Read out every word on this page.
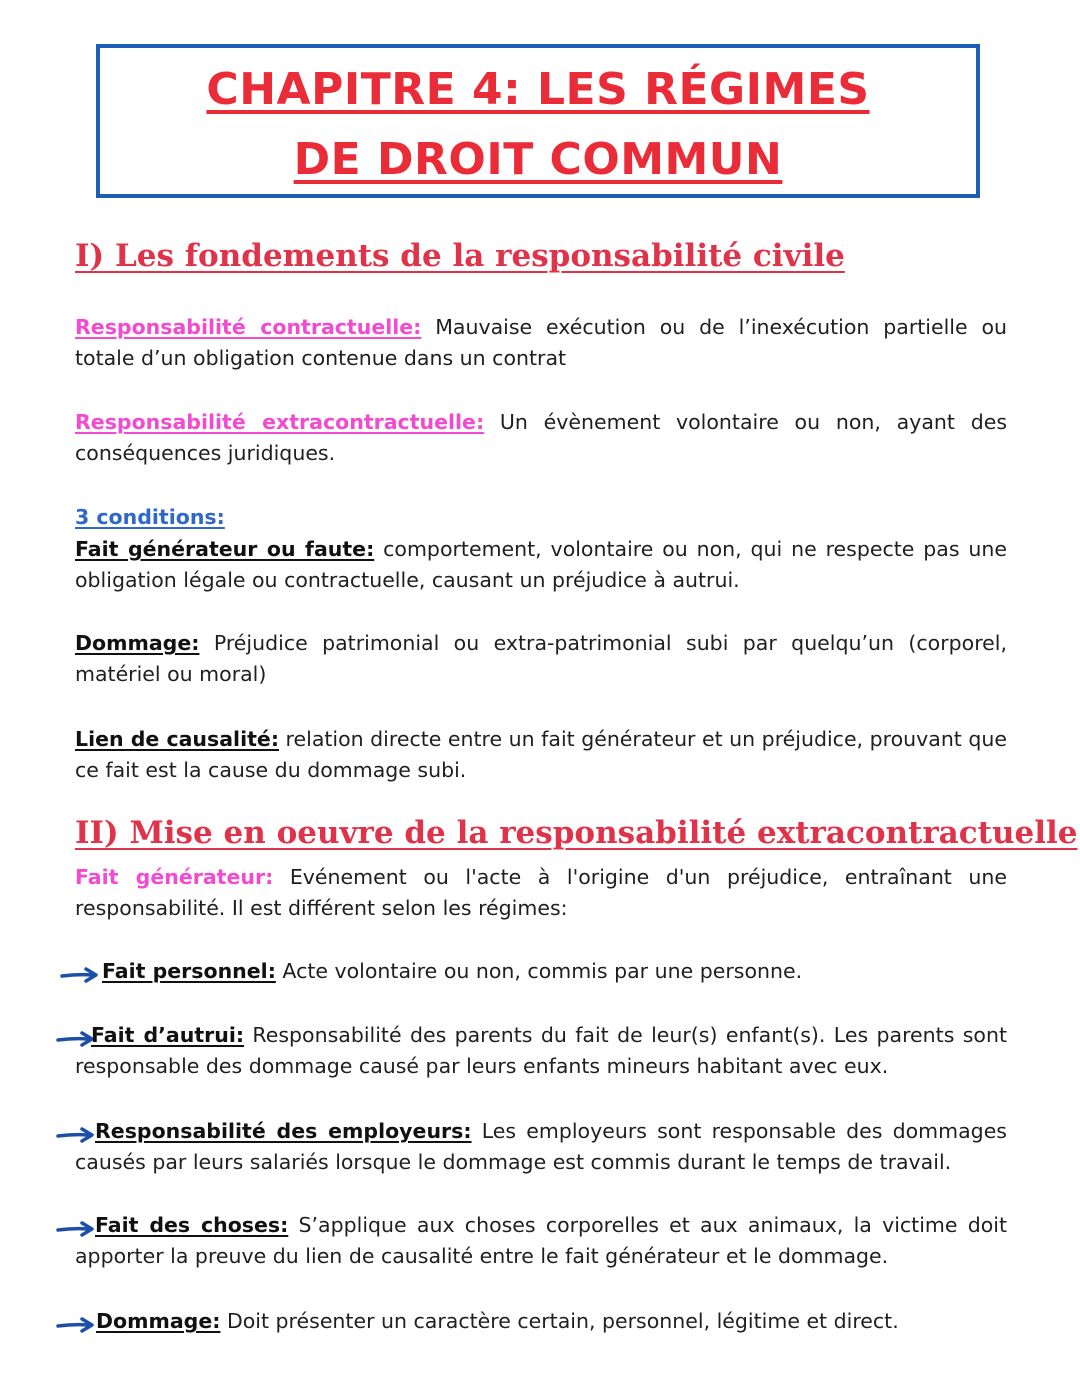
CHAPITRE 4: LES RÉGIMES
DE DROIT COMMUN
I) Les fondements de la responsabilité civile
Responsabilité contractuelle: Mauvaise exécution ou de l’inexécution partielle ou totale d’un obligation contenue dans un contrat
Responsabilité extracontractuelle: Un évènement volontaire ou non, ayant des conséquences juridiques.
3 conditions:
Fait générateur ou faute: comportement, volontaire ou non, qui ne respecte pas une obligation légale ou contractuelle, causant un préjudice à autrui.
Dommage: Préjudice patrimonial ou extra-patrimonial subi par quelqu’un (corporel, matériel ou moral)
Lien de causalité: relation directe entre un fait générateur et un préjudice, prouvant que ce fait est la cause du dommage subi.
II) Mise en oeuvre de la responsabilité extracontractuelle
Fait générateur: Evénement ou l'acte à l'origine d'un préjudice, entraînant une responsabilité. Il est différent selon les régimes:
Fait personnel: Acte volontaire ou non, commis par une personne.
Fait d’autrui: Responsabilité des parents du fait de leur(s) enfant(s). Les parents sont responsable des dommage causé par leurs enfants mineurs habitant avec eux.
Responsabilité des employeurs: Les employeurs sont responsable des dommages causés par leurs salariés lorsque le dommage est commis durant le temps de travail.
Fait des choses: S’applique aux choses corporelles et aux animaux, la victime doit apporter la preuve du lien de causalité entre le fait générateur et le dommage.
Dommage: Doit présenter un caractère certain, personnel, légitime et direct.
